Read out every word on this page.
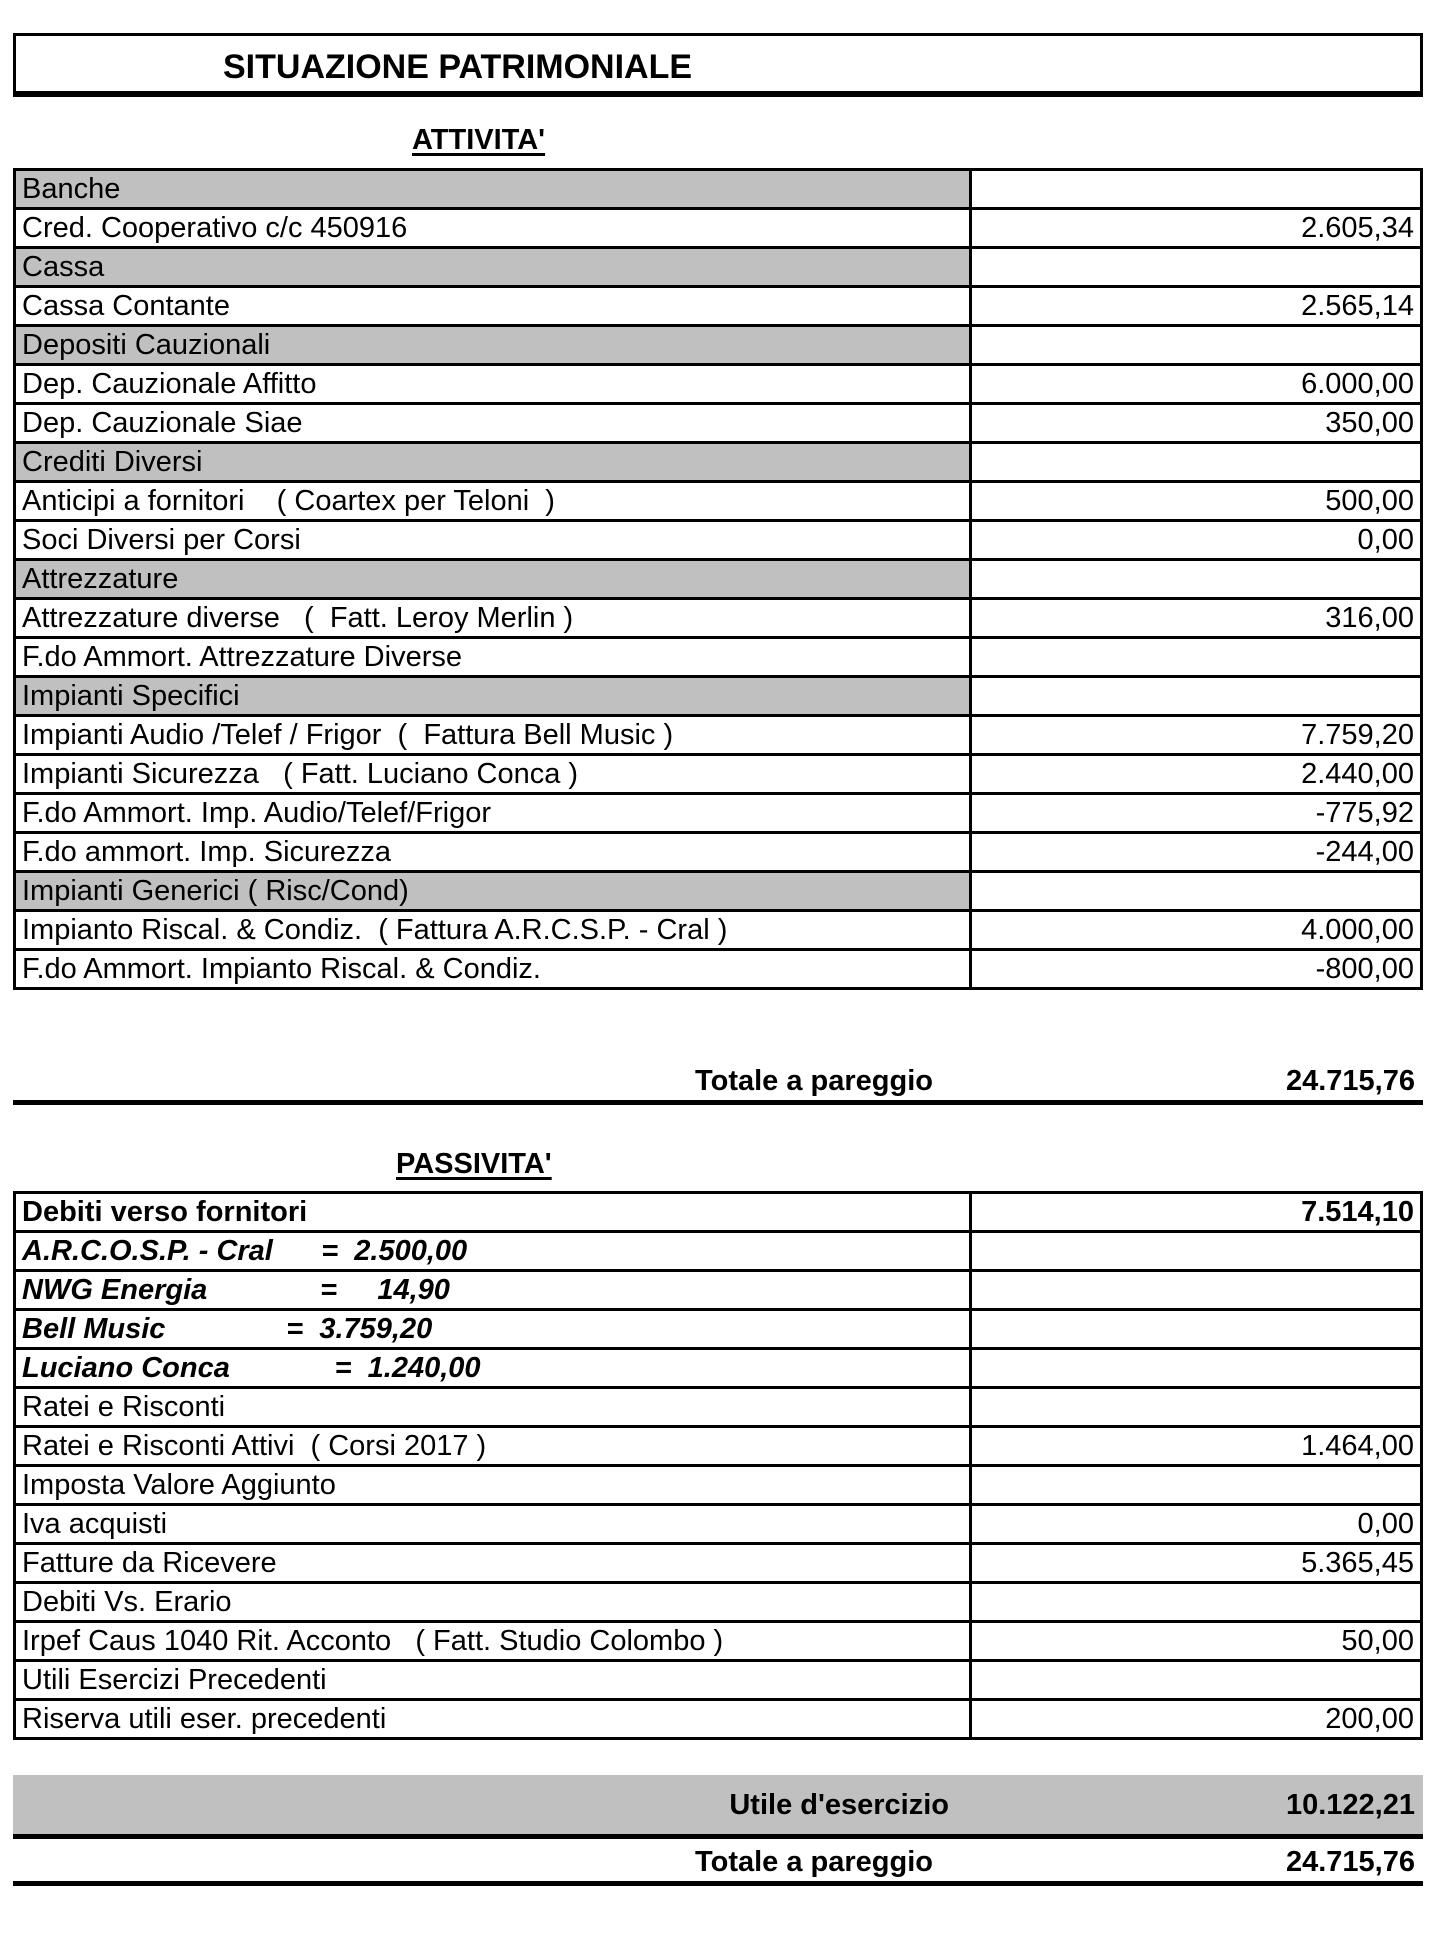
SITUAZIONE PATRIMONIALE
ATTIVITA'
Banche	
Cred. Cooperativo c/c 450916	2.605,34
Cassa	
Cassa Contante	2.565,14
Depositi Cauzionali	
Dep. Cauzionale Affitto	6.000,00
Dep. Cauzionale Siae	350,00
Crediti Diversi	
Anticipi a fornitori    ( Coartex per Teloni  )	500,00
Soci Diversi per Corsi	0,00
Attrezzature	
Attrezzature diverse   (  Fatt. Leroy Merlin )	316,00
F.do Ammort. Attrezzature Diverse	
Impianti Specifici	
Impianti Audio /Telef / Frigor  (  Fattura Bell Music )	7.759,20
Impianti Sicurezza   ( Fatt. Luciano Conca )	2.440,00
F.do Ammort. Imp. Audio/Telef/Frigor	-775,92
F.do ammort. Imp. Sicurezza	-244,00
Impianti Generici ( Risc/Cond)	
Impianto Riscal. & Condiz.  ( Fattura A.R.C.S.P. - Cral )	4.000,00
F.do Ammort. Impianto Riscal. & Condiz.	-800,00
Totale a pareggio	24.715,76
PASSIVITA'
Debiti verso fornitori	7.514,10
A.R.C.O.S.P. - Cral      =  2.500,00	
NWG Energia              =     14,90	
Bell Music               =  3.759,20	
Luciano Conca             =  1.240,00	
Ratei e Risconti	
Ratei e Risconti Attivi  ( Corsi 2017 )	1.464,00
Imposta Valore Aggiunto	
Iva acquisti	0,00
Fatture da Ricevere	5.365,45
Debiti Vs. Erario	
Irpef Caus 1040 Rit. Acconto   ( Fatt. Studio Colombo )	50,00
Utili Esercizi Precedenti	
Riserva utili eser. precedenti	200,00
Utile d'esercizio	10.122,21
Totale a pareggio	24.715,76
